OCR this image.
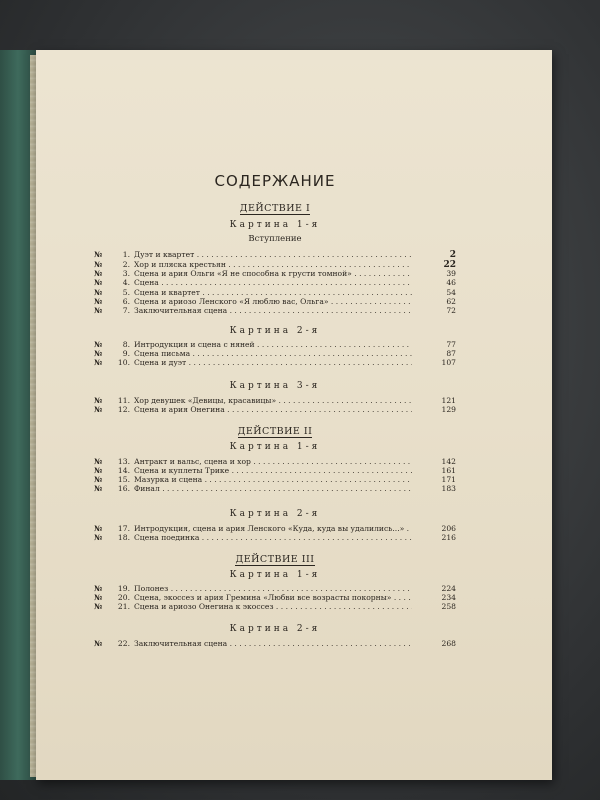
СОДЕРЖАНИЕ
ДЕЙСТВИЕ I
Картина 1-я
Вступление
№	1. Дуэт и квартет . . .	2
№	2. Хор и пляска крестьян . . .	22
№	3. Сцена и ария Ольги «Я не способна к грусти томной» . . .	39
№	4. Сцена . . .	46
№	5. Сцена и квартет . . .	54
№	6. Сцена и ариозо Ленского «Я люблю вас, Ольга» . . .	62
№	7. Заключительная сцена . . .	72
Картина 2-я
№	8. Интродукция и сцена с няней . . .	77
№	9. Сцена письма . . .	87
№	10. Сцена и дуэт . . .	107
Картина 3-я
№	11. Хор девушек «Девицы, красавицы» . . .	121
№	12. Сцена и ария Онегина . . .	129
ДЕЙСТВИЕ II
Картина 1-я
№	13. Антракт и вальс, сцена и хор . . .	142
№	14. Сцена и куплеты Трике . . .	161
№	15. Мазурка и сцена . . .	171
№	16. Финал . . .	183
Картина 2-я
№	17. Интродукция, сцена и ария Ленского «Куда, куда вы удалились...» . . .	206
№	18. Сцена поединка . . .	216
ДЕЙСТВИЕ III
Картина 1-я
№	19. Полонез . . .	224
№	20. Сцена, экоссез и ария Гремина «Любви все возрасты покорны» . . .	234
№	21. Сцена и ариозо Онегина к экоссез . . .	258
Картина 2-я
№	22. Заключительная сцена . . .	268
